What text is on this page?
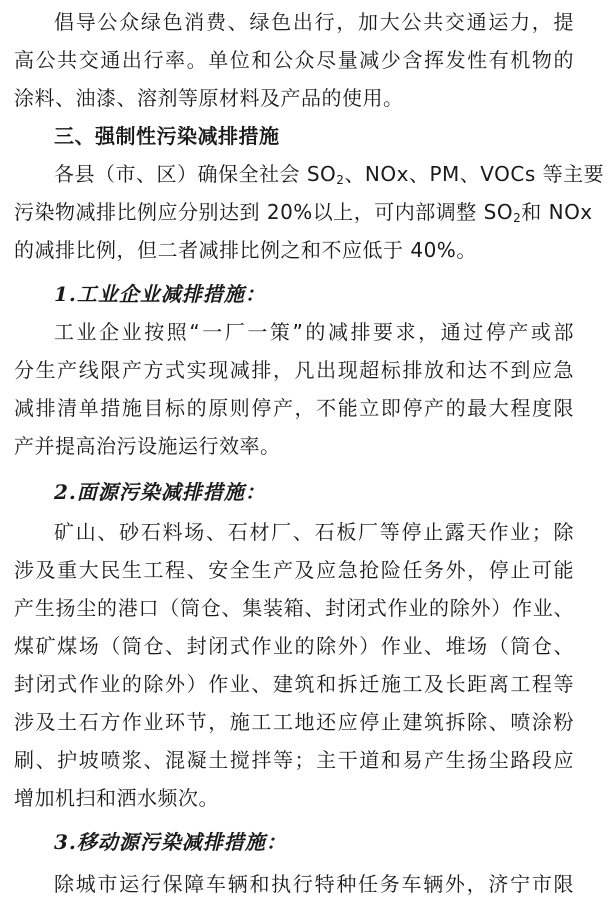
倡导公众绿色消费、绿色出行，加大公共交通运力，提
高公共交通出行率。单位和公众尽量减少含挥发性有机物的
涂料、油漆、溶剂等原材料及产品的使用。
三、强制性污染减排措施
各县（市、区）确保全社会 $SO_2$、NOx、PM、VOCs 等主要
污染物减排比例应分别达到 20%以上，可内部调整 $SO_2$和 NOx
的减排比例，但二者减排比例之和不应低于 40%。
1.工业企业减排措施：
工业企业按照“一厂一策”的减排要求，通过停产或部
分生产线限产方式实现减排，凡出现超标排放和达不到应急
减排清单措施目标的原则停产，不能立即停产的最大程度限
产并提高治污设施运行效率。
2.面源污染减排措施：
矿山、砂石料场、石材厂、石板厂等停止露天作业；除
涉及重大民生工程、安全生产及应急抢险任务外，停止可能
产生扬尘的港口（筒仓、集装箱、封闭式作业的除外）作业、
煤矿煤场（筒仓、封闭式作业的除外）作业、堆场（筒仓、
封闭式作业的除外）作业、建筑和拆迁施工及长距离工程等
涉及土石方作业环节，施工工地还应停止建筑拆除、喷涂粉
刷、护坡喷浆、混凝土搅拌等；主干道和易产生扬尘路段应
增加机扫和洒水频次。
3.移动源污染减排措施：
除城市运行保障车辆和执行特种任务车辆外，济宁市限
